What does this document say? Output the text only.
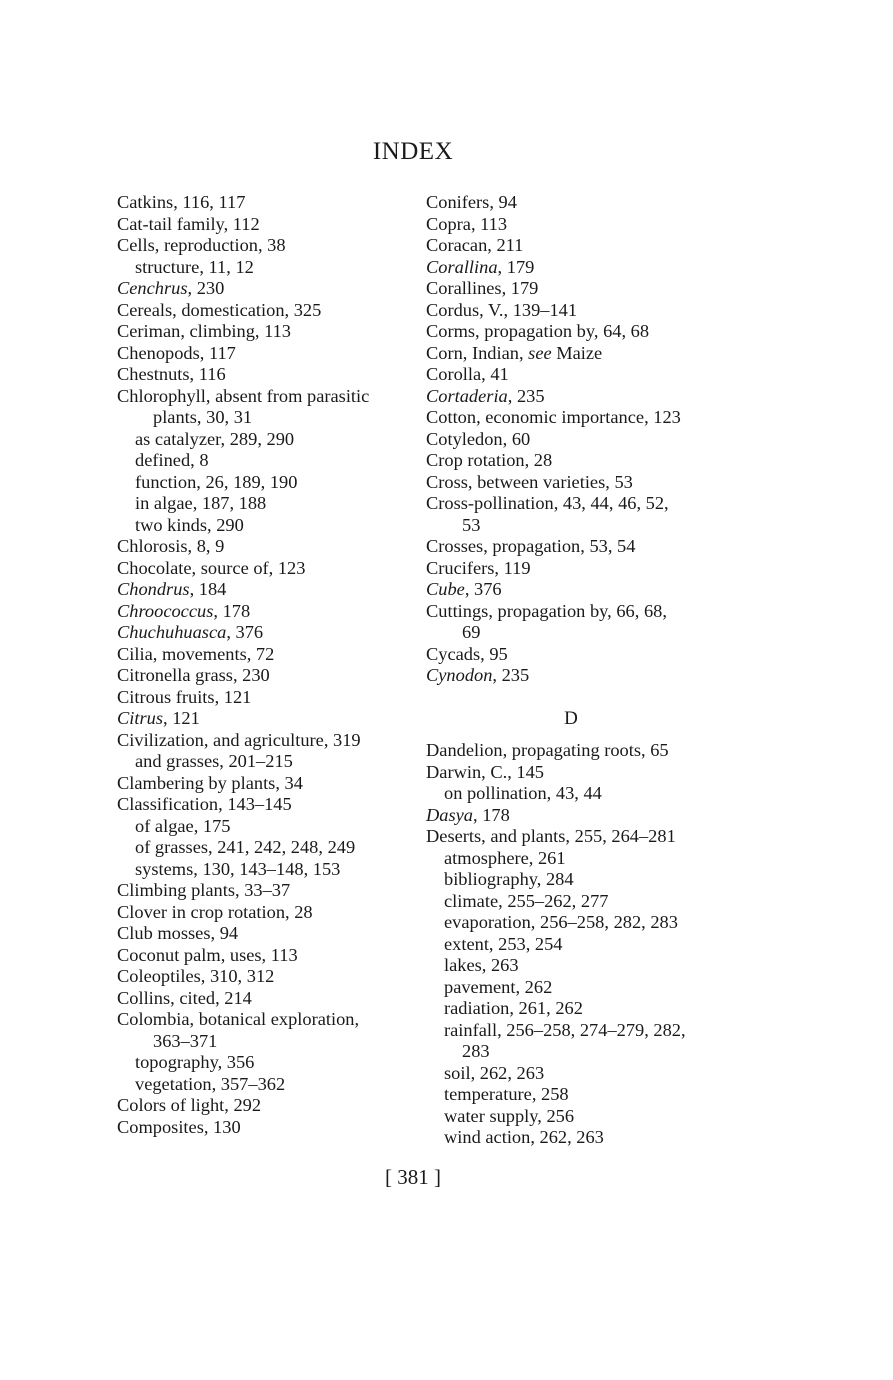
INDEX
Catkins, 116, 117
Cat-tail family, 112
Cells, reproduction, 38
structure, 11, 12
Cenchrus, 230
Cereals, domestication, 325
Ceriman, climbing, 113
Chenopods, 117
Chestnuts, 116
Chlorophyll, absent from parasitic
plants, 30, 31
as catalyzer, 289, 290
defined, 8
function, 26, 189, 190
in algae, 187, 188
two kinds, 290
Chlorosis, 8, 9
Chocolate, source of, 123
Chondrus, 184
Chroococcus, 178
Chuchuhuasca, 376
Cilia, movements, 72
Citronella grass, 230
Citrous fruits, 121
Citrus, 121
Civilization, and agriculture, 319
and grasses, 201–215
Clambering by plants, 34
Classification, 143–145
of algae, 175
of grasses, 241, 242, 248, 249
systems, 130, 143–148, 153
Climbing plants, 33–37
Clover in crop rotation, 28
Club mosses, 94
Coconut palm, uses, 113
Coleoptiles, 310, 312
Collins, cited, 214
Colombia, botanical exploration,
363–371
topography, 356
vegetation, 357–362
Colors of light, 292
Composites, 130
Conifers, 94
Copra, 113
Coracan, 211
Corallina, 179
Corallines, 179
Cordus, V., 139–141
Corms, propagation by, 64, 68
Corn, Indian, see Maize
Corolla, 41
Cortaderia, 235
Cotton, economic importance, 123
Cotyledon, 60
Crop rotation, 28
Cross, between varieties, 53
Cross-pollination, 43, 44, 46, 52,
53
Crosses, propagation, 53, 54
Crucifers, 119
Cube, 376
Cuttings, propagation by, 66, 68,
69
Cycads, 95
Cynodon, 235
D
Dandelion, propagating roots, 65
Darwin, C., 145
on pollination, 43, 44
Dasya, 178
Deserts, and plants, 255, 264–281
atmosphere, 261
bibliography, 284
climate, 255–262, 277
evaporation, 256–258, 282, 283
extent, 253, 254
lakes, 263
pavement, 262
radiation, 261, 262
rainfall, 256–258, 274–279, 282,
283
soil, 262, 263
temperature, 258
water supply, 256
wind action, 262, 263
[ 381 ]
